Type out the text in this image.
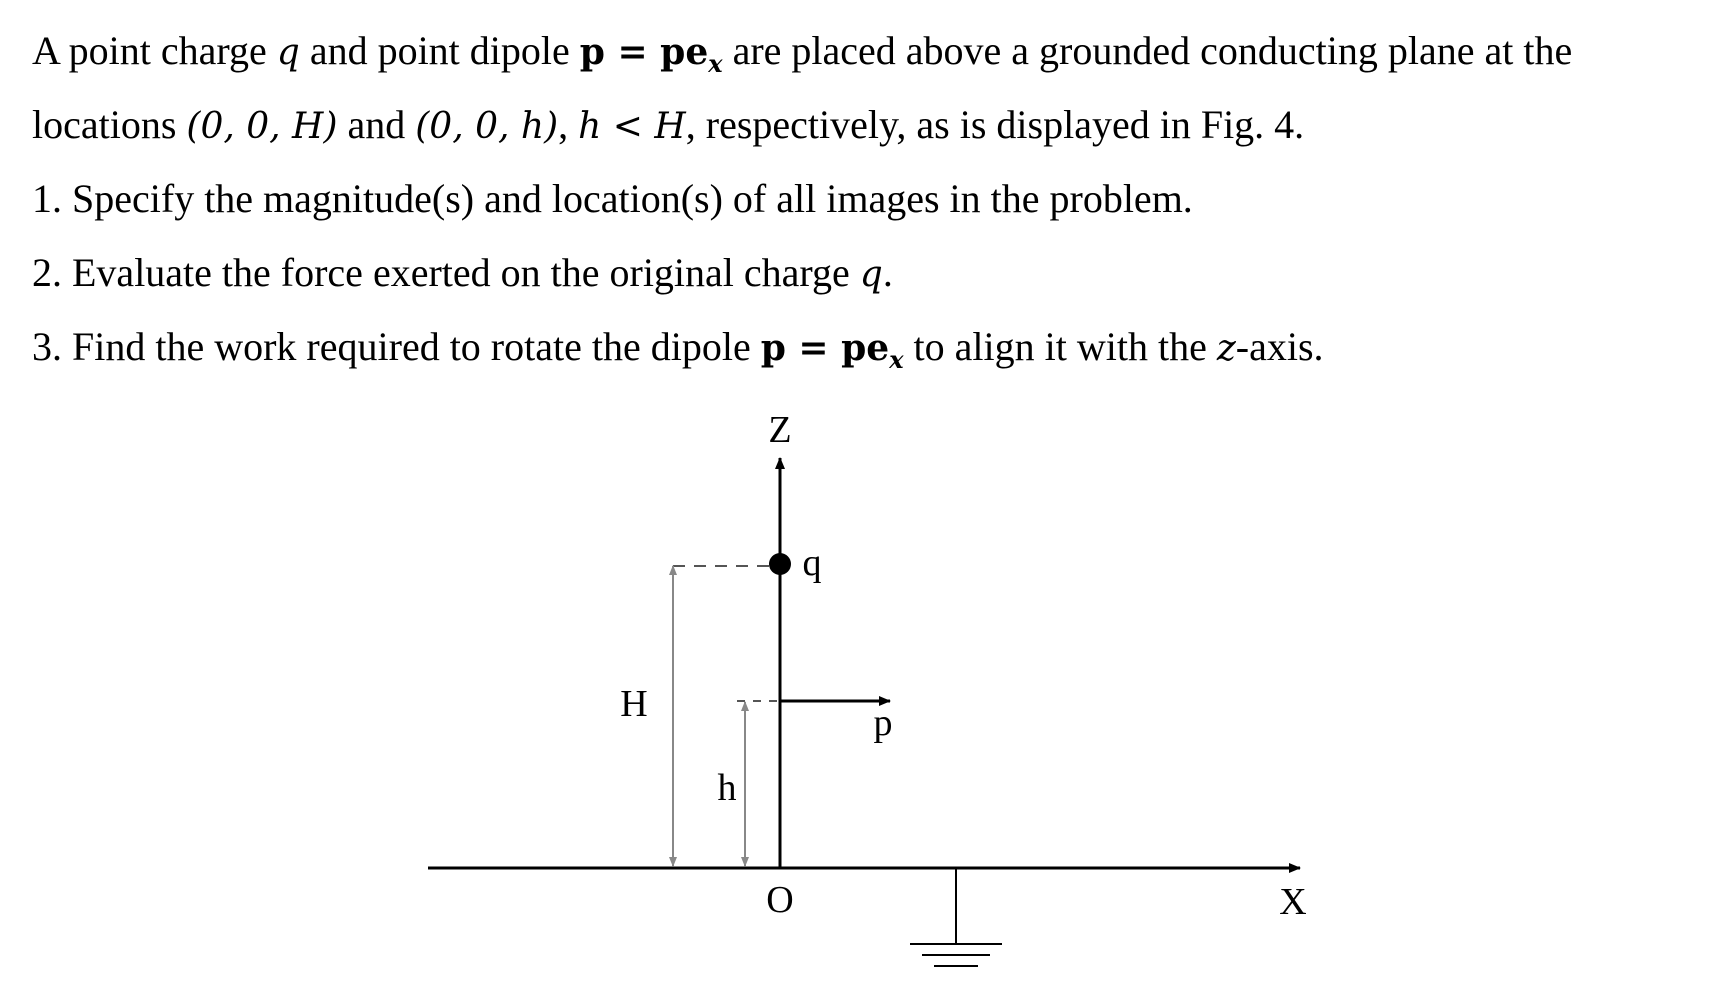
A point charge q and point dipole $p = pe_x$ are placed above a grounded conducting plane at the
locations (0, 0, H) and (0, 0, h), h < H, respectively, as is displayed in Fig. 4.
1. Specify the magnitude(s) and location(s) of all images in the problem.
2. Evaluate the force exerted on the original charge q.
3. Find the work required to rotate the dipole $p = pe_x$ to align it with the z-axis.
Z
X
O
q
p
H
h
